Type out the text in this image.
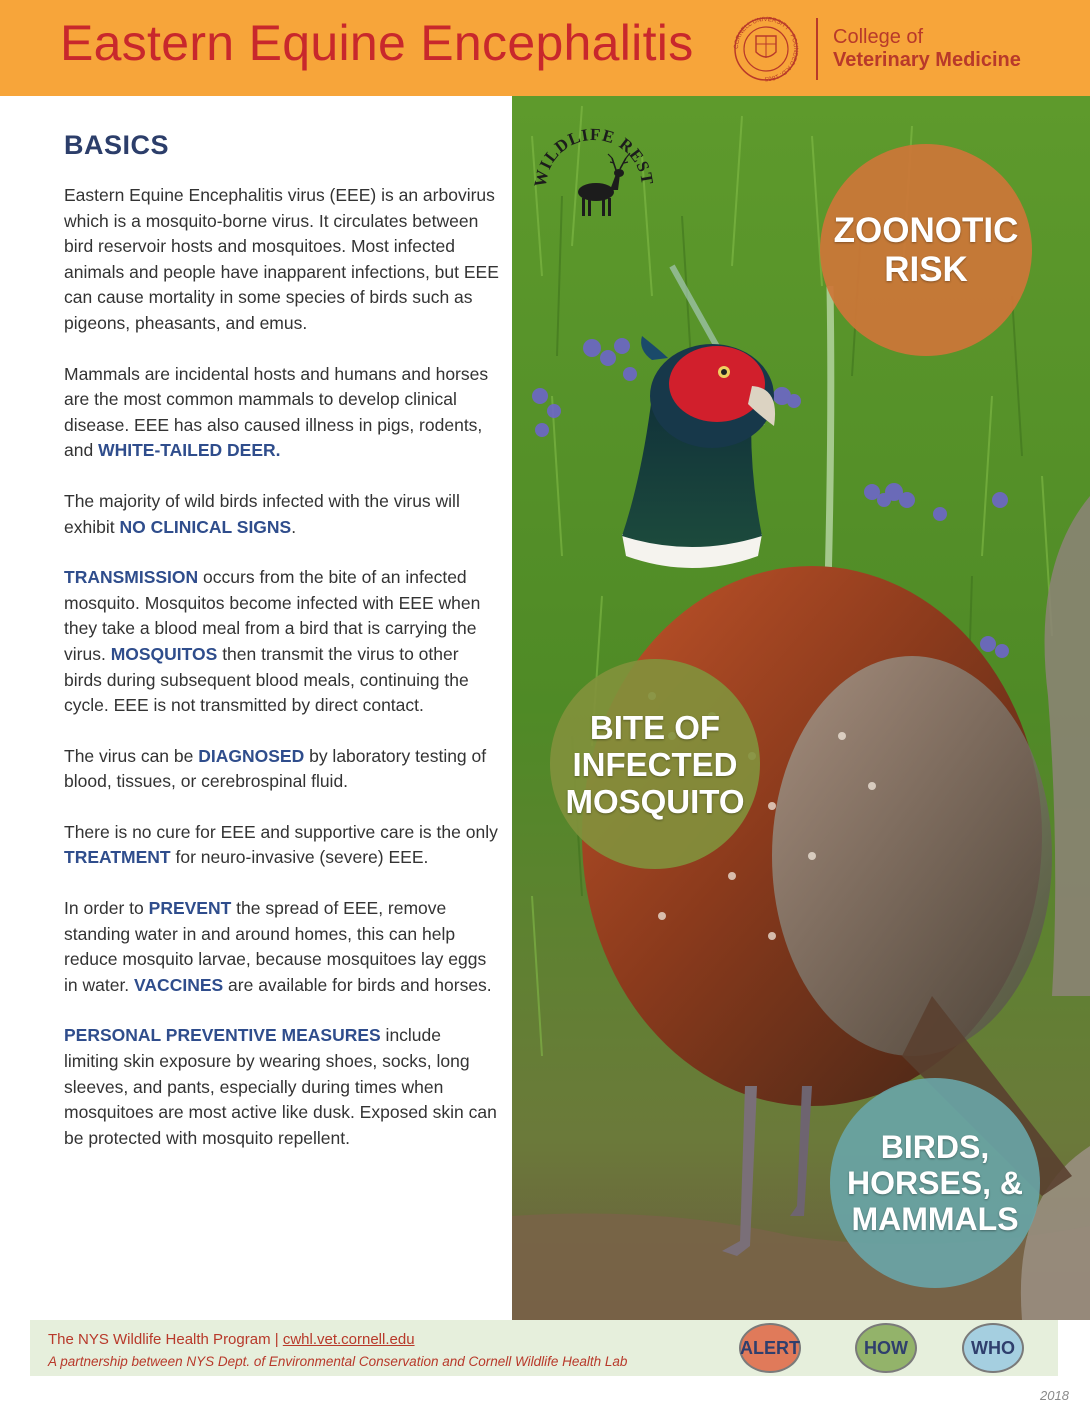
Eastern Equine Encephalitis	CORNELL UNIVERSITY · FOUNDED A.D. 1865
College of
Veterinary Medicine
BASICS

Eastern Equine Encephalitis virus (EEE) is an arbovirus which is a mosquito-borne virus. It circulates between bird reservoir hosts and mosquitoes. Most infected animals and people have inapparent infections, but EEE can cause mortality in some species of birds such as pigeons, pheasants, and emus.

Mammals are incidental hosts and humans and horses are the most common mammals to develop clinical disease. EEE has also caused illness in pigs, rodents, and WHITE-TAILED DEER.

The majority of wild birds infected with the virus will exhibit NO CLINICAL SIGNS.

TRANSMISSION occurs from the bite of an infected mosquito. Mosquitos become infected with EEE when they take a blood meal from a bird that is carrying the virus. MOSQUITOS then transmit the virus to other birds during subsequent blood meals, continuing the cycle. EEE is not transmitted by direct contact.

The virus can be DIAGNOSED by laboratory testing of blood, tissues, or cerebrospinal fluid.

There is no cure for EEE and supportive care is the only TREATMENT for neuro-invasive (severe) EEE.

In order to PREVENT the spread of EEE, remove standing water in and around homes, this can help reduce mosquito larvae, because mosquitoes lay eggs in water. VACCINES are available for birds and horses.

PERSONAL PREVENTIVE MEASURES include limiting skin exposure by wearing shoes, socks, long sleeves, and pants, especially during times when mosquitoes are most active like dusk. Exposed skin can be protected with mosquito repellent.

WILDLIFE REST
ZOONOTIC
RISK
BITE OF
INFECTED
MOSQUITO
BIRDS,
HORSES, &
MAMMALS
The NYS Wildlife Health Program | cwhl.vet.cornell.edu
A partnership between NYS Dept. of Environmental Conservation and Cornell Wildlife Health Lab
ALERT	HOW	WHO
2018
